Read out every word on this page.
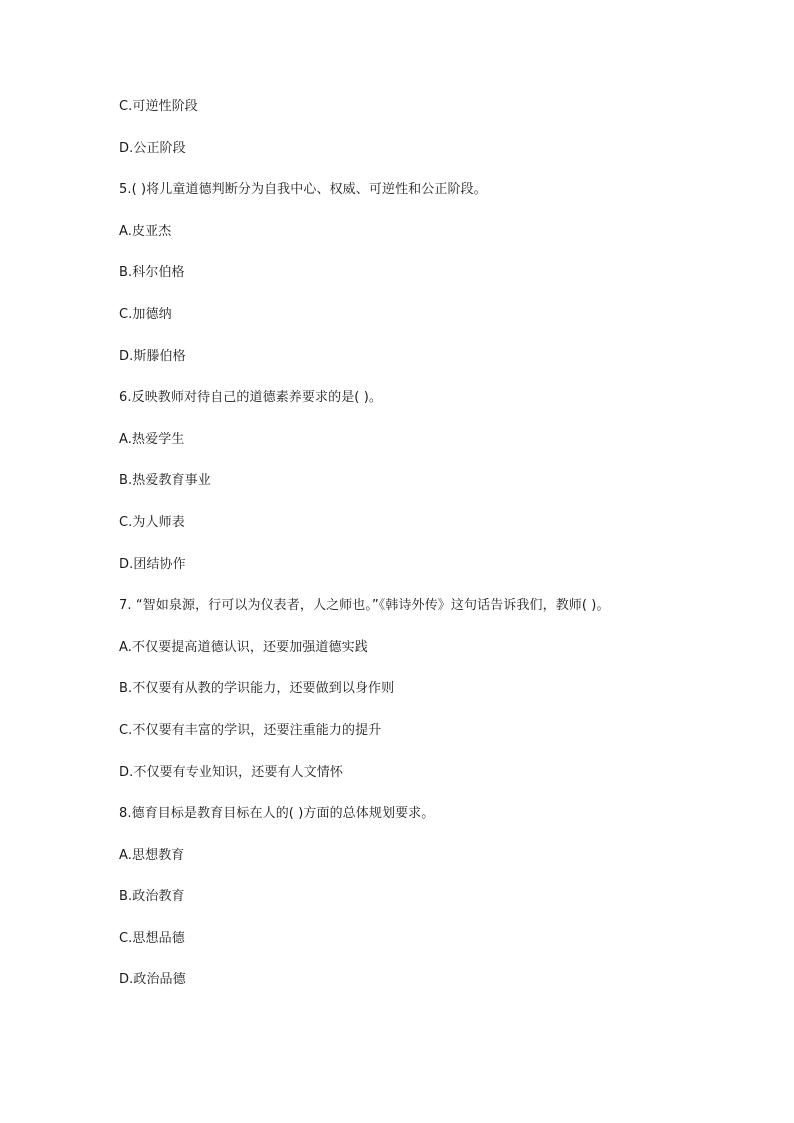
C.可逆性阶段
D.公正阶段
5.( )将儿童道德判断分为自我中心、权威、可逆性和公正阶段。
A.皮亚杰
B.科尔伯格
C.加德纳
D.斯滕伯格
6.反映教师对待自己的道德素养要求的是( )。
A.热爱学生
B.热爱教育事业
C.为人师表
D.团结协作
7. “智如泉源，行可以为仪表者，人之师也。”《韩诗外传》这句话告诉我们，教师( )。
A.不仅要提高道德认识，还要加强道德实践
B.不仅要有从教的学识能力，还要做到以身作则
C.不仅要有丰富的学识，还要注重能力的提升
D.不仅要有专业知识，还要有人文情怀
8.德育目标是教育目标在人的( )方面的总体规划要求。
A.思想教育
B.政治教育
C.思想品德
D.政治品德
